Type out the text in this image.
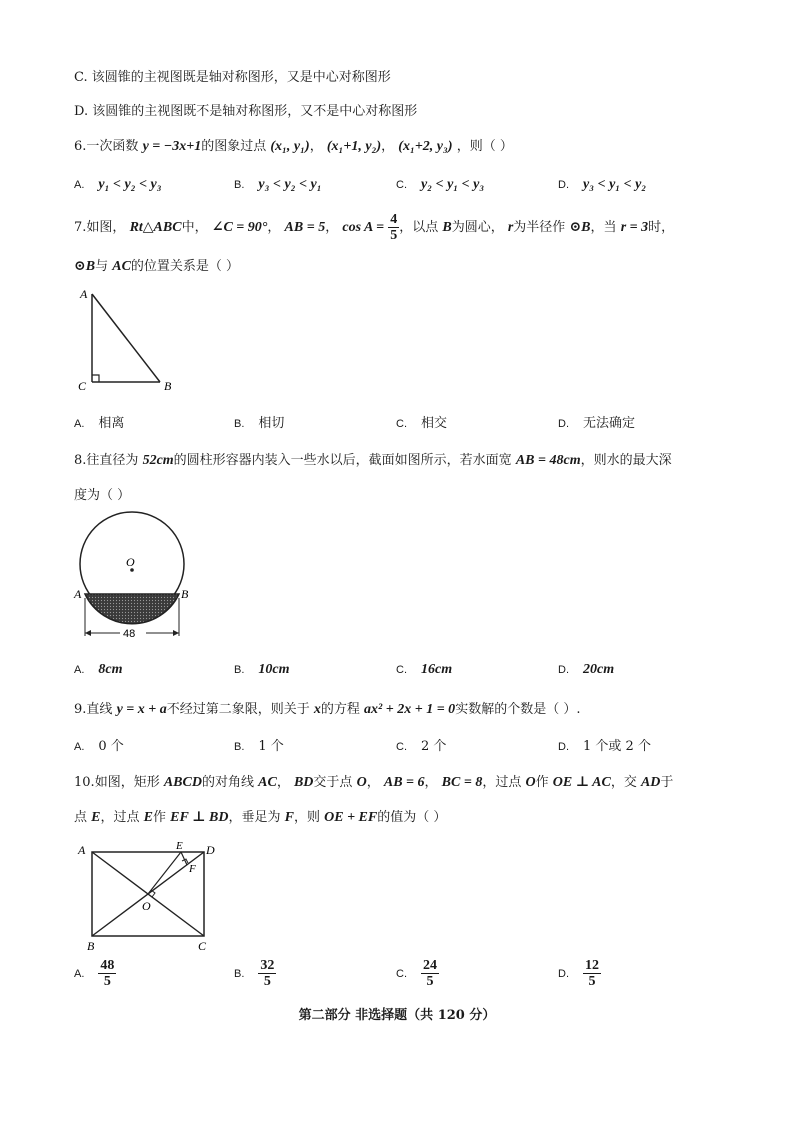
C. 该圆锥的主视图既是轴对称图形，又是中心对称图形
D. 该圆锥的主视图既不是轴对称图形，又不是中心对称图形
6.一次函数 y = −3x+1的图象过点 (x₁, y₁)， (x₁+1, y₂)， (x₁+2, y₃) ，则（ ）
A. y₁ < y₂ < y₃	B. y₃ < y₂ < y₁	C. y₂ < y₁ < y₃	D. y₃ < y₁ < y₂
7.如图， Rt△ABC中， ∠C = 90°， AB = 5， $\cos A = \frac{4}{5}$ ，以点 B为圆心， r为半径作 ⊙B，当 r = 3时，
⊙B与 AC的位置关系是（ ）
A
C	B
A. 相离	B. 相切	C. 相交	D. 无法确定
8.往直径为 52cm的圆柱形容器内装入一些水以后，截面如图所示，若水面宽 AB = 48cm，则水的最大深
度为（ ）
O
A	B
48
A. 8cm	B. 10cm	C. 16cm	D. 20cm
9.直线 y = x + a不经过第二象限，则关于 x的方程 ax² + 2x + 1 = 0实数解的个数是（ ）.
A. 0 个	B. 1 个	C. 2 个	D. 1 个或 2 个
10.如图，矩形 ABCD的对角线 AC， BD交于点 O， AB = 6， BC = 8，过点 O作 OE ⊥ AC，交 AD于
点 E，过点 E作 EF ⊥ BD，垂足为 F，则 OE + EF的值为（ ）
A	D
B	C
E
F
O
A. $\frac{48}{5}$	B. $\frac{32}{5}$	C. $\frac{24}{5}$	D. $\frac{12}{5}$
第二部分 非选择题（共 120 分）
